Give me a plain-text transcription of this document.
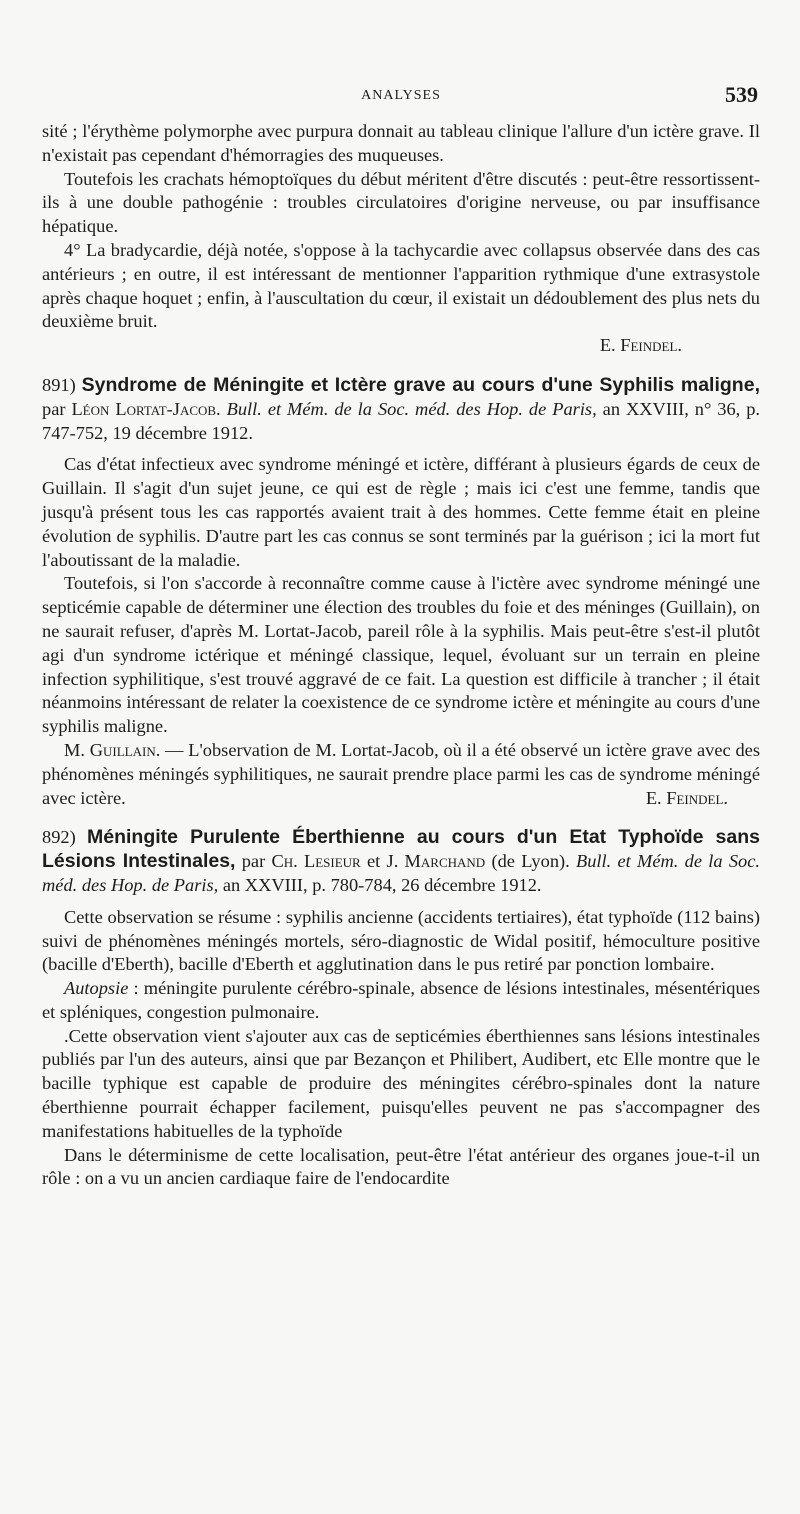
ANALYSES	539

sité ; l'érythème polymorphe avec purpura donnait au tableau clinique l'allure d'un ictère grave. Il n'existait pas cependant d'hémorragies des muqueuses.

Toutefois les crachats hémoptoïques du début méritent d'être discutés : peut-être ressortissent-ils à une double pathogénie : troubles circulatoires d'origine nerveuse, ou par insuffisance hépatique.

4° La bradycardie, déjà notée, s'oppose à la tachycardie avec collapsus observée dans des cas antérieurs ; en outre, il est intéressant de mentionner l'apparition rythmique d'une extrasystole après chaque hoquet ; enfin, à l'auscultation du cœur, il existait un dédoublement des plus nets du deuxième bruit.

E. Feindel.
891) Syndrome de Méningite et Ictère grave au cours d'une Syphilis maligne, par Léon Lortat-Jacob. Bull. et Mém. de la Soc. méd. des Hop. de Paris, an XXVIII, n° 36, p. 747-752, 19 décembre 1912.

Cas d'état infectieux avec syndrome méningé et ictère, différant à plusieurs égards de ceux de Guillain. Il s'agit d'un sujet jeune, ce qui est de règle ; mais ici c'est une femme, tandis que jusqu'à présent tous les cas rapportés avaient trait à des hommes. Cette femme était en pleine évolution de syphilis. D'autre part les cas connus se sont terminés par la guérison ; ici la mort fut l'aboutissant de la maladie.

Toutefois, si l'on s'accorde à reconnaître comme cause à l'ictère avec syndrome méningé une septicémie capable de déterminer une élection des troubles du foie et des méninges (Guillain), on ne saurait refuser, d'après M. Lortat-Jacob, pareil rôle à la syphilis. Mais peut-être s'est-il plutôt agi d'un syndrome ictérique et méningé classique, lequel, évoluant sur un terrain en pleine infection syphilitique, s'est trouvé aggravé de ce fait. La question est difficile à trancher ; il était néanmoins intéressant de relater la coexistence de ce syndrome ictère et méningite au cours d'une syphilis maligne.

M. Guillain. — L'observation de M. Lortat-Jacob, où il a été observé un ictère grave avec des phénomènes méningés syphilitiques, ne saurait prendre place parmi les cas de syndrome méningé avec ictère.	E. Feindel.

892) Méningite Purulente Éberthienne au cours d'un Etat Typhoïde sans Lésions Intestinales, par Ch. Lesieur et J. Marchand (de Lyon). Bull. et Mém. de la Soc. méd. des Hop. de Paris, an XXVIII, p. 780-784, 26 décembre 1912.

Cette observation se résume : syphilis ancienne (accidents tertiaires), état typhoïde (112 bains) suivi de phénomènes méningés mortels, séro-diagnostic de Widal positif, hémoculture positive (bacille d'Eberth), bacille d'Eberth et agglutination dans le pus retiré par ponction lombaire.

Autopsie : méningite purulente cérébro-spinale, absence de lésions intestinales, mésentériques et spléniques, congestion pulmonaire.

.Cette observation vient s'ajouter aux cas de septicémies éberthiennes sans lésions intestinales publiés par l'un des auteurs, ainsi que par Bezançon et Philibert, Audibert, etc Elle montre que le bacille typhique est capable de produire des méningites cérébro-spinales dont la nature éberthienne pourrait échapper facilement, puisqu'elles peuvent ne pas s'accompagner des manifestations habituelles de la typhoïde

Dans le déterminisme de cette localisation, peut-être l'état antérieur des organes joue-t-il un rôle : on a vu un ancien cardiaque faire de l'endocardite
